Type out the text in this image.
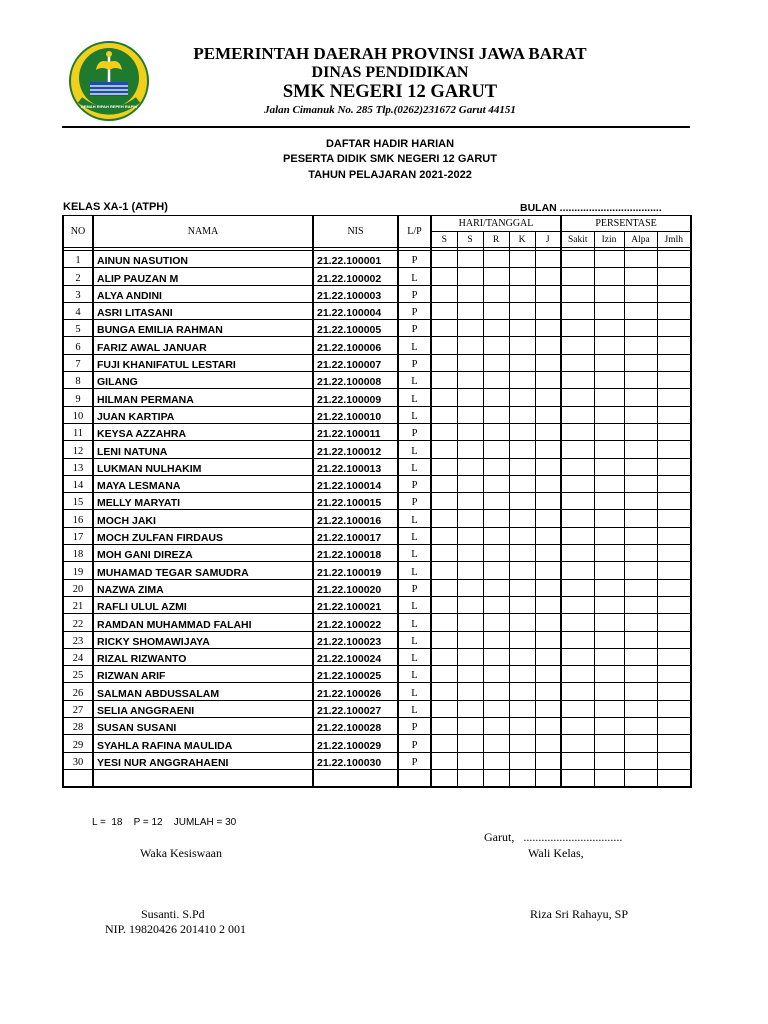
GEMAH RIPAH REPEH RAPIH
PEMERINTAH DAERAH PROVINSI JAWA BARAT
DINAS PENDIDIKAN
SMK NEGERI 12 GARUT
Jalan Cimanuk No. 285 Tlp.(0262)231672 Garut 44151
DAFTAR HADIR HARIAN
PESERTA DIDIK SMK NEGERI 12 GARUT
TAHUN PELAJARAN 2021-2022
KELAS XA-1 (ATPH)	BULAN ...................................
NO	NAMA	NIS	L/P	HARI/TANGGAL					PERSENTASE			
				S	S	R	K	J	Sakit	Izin	Alpa	Jmlh

1	AINUN NASUTION	21.22.100001	P									
2	ALIP PAUZAN M	21.22.100002	L									
3	ALYA ANDINI	21.22.100003	P									
4	ASRI LITASANI	21.22.100004	P									
5	BUNGA EMILIA RAHMAN	21.22.100005	P									
6	FARIZ AWAL JANUAR	21.22.100006	L									
7	FUJI KHANIFATUL LESTARI	21.22.100007	P									
8	GILANG	21.22.100008	L									
9	HILMAN PERMANA	21.22.100009	L									
10	JUAN KARTIPA	21.22.100010	L									
11	KEYSA AZZAHRA	21.22.100011	P									
12	LENI NATUNA	21.22.100012	L									
13	LUKMAN NULHAKIM	21.22.100013	L									
14	MAYA LESMANA	21.22.100014	P									
15	MELLY MARYATI	21.22.100015	P									
16	MOCH JAKI	21.22.100016	L									
17	MOCH ZULFAN FIRDAUS	21.22.100017	L									
18	MOH GANI DIREZA	21.22.100018	L									
19	MUHAMAD TEGAR SAMUDRA	21.22.100019	L									
20	NAZWA ZIMA	21.22.100020	P									
21	RAFLI ULUL AZMI	21.22.100021	L									
22	RAMDAN MUHAMMAD FALAHI	21.22.100022	L									
23	RICKY SHOMAWIJAYA	21.22.100023	L									
24	RIZAL RIZWANTO	21.22.100024	L									
25	RIZWAN ARIF	21.22.100025	L									
26	SALMAN ABDUSSALAM	21.22.100026	L									
27	SELIA ANGGRAENI	21.22.100027	L									
28	SUSAN SUSANI	21.22.100028	P									
29	SYAHLA RAFINA MAULIDA	21.22.100029	P									
30	YESI NUR ANGGRAHAENI	21.22.100030	P									

L =  18    P = 12    JUMLAH = 30
Garut,   .................................
Waka Kesiswaan	Wali Kelas,
Susanti. S.Pd
NIP. 19820426 201410 2 001
Riza Sri Rahayu, SP
